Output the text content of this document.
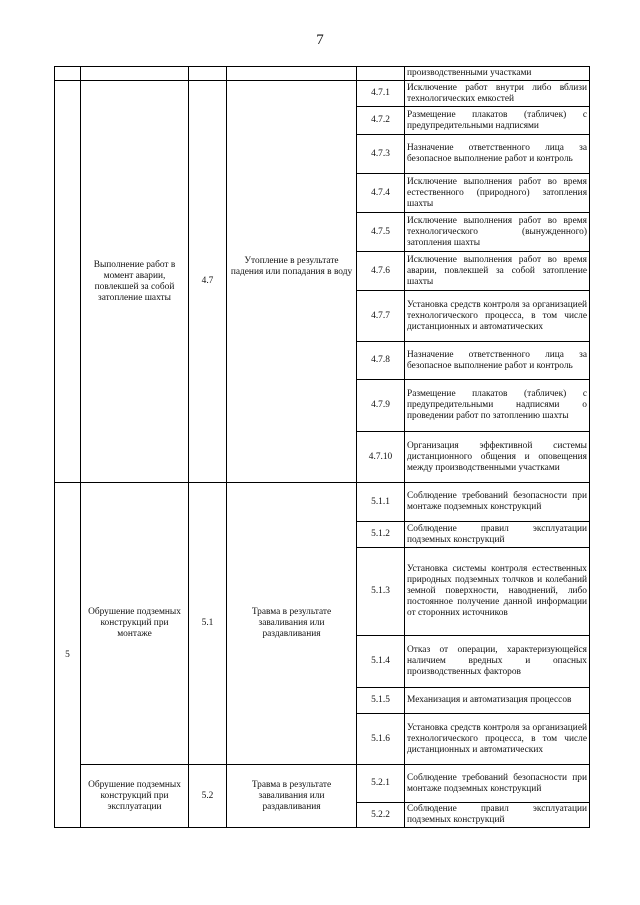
7
					производственными участками

	Выполнение работ в момент аварии, повлекшей за собой затопление шахты	4.7	Утопление в результате падения или попадания в воду	4.7.1	Исключение работ внутри либо вблизи технологических емкостей
				4.7.2	Размещение плакатов (табличек) с предупредительными надписями
				4.7.3	Назначение ответственного лица за безопасное выполнение работ и контроль
				4.7.4	Исключение выполнения работ во время естественного (природного) затопления шахты
				4.7.5	Исключение выполнения работ во время технологического (вынужденного) затопления шахты
				4.7.6	Исключение выполнения работ во время аварии, повлекшей за собой затопление шахты
				4.7.7	Установка средств контроля за организацией технологического процесса, в том числе дистанционных и автоматических
				4.7.8	Назначение ответственного лица за безопасное выполнение работ и контроль
				4.7.9	Размещение плакатов (табличек) с предупредительными надписями о проведении работ по затоплению шахты
				4.7.10	Организация эффективной системы дистанционного общения и оповещения между производственными участками
5	Обрушение подземных конструкций при монтаже	5.1	Травма в результате заваливания или раздавливания	5.1.1	Соблюдение требований безопасности при монтаже подземных конструкций
				5.1.2	Соблюдение правил эксплуатации подземных конструкций
				5.1.3	Установка системы контроля естественных природных подземных толчков и колебаний земной поверхности, наводнений, либо постоянное получение данной информации от сторонних источников
				5.1.4	Отказ от операции, характеризующейся наличием вредных и опасных производственных факторов
				5.1.5	Механизация и автоматизация процессов
				5.1.6	Установка средств контроля за организацией технологического процесса, в том числе дистанционных и автоматических
	Обрушение подземных конструкций при эксплуатации	5.2	Травма в результате заваливания или раздавливания	5.2.1	Соблюдение требований безопасности при монтаже подземных конструкций
				5.2.2	Соблюдение правил эксплуатации подземных конструкций
